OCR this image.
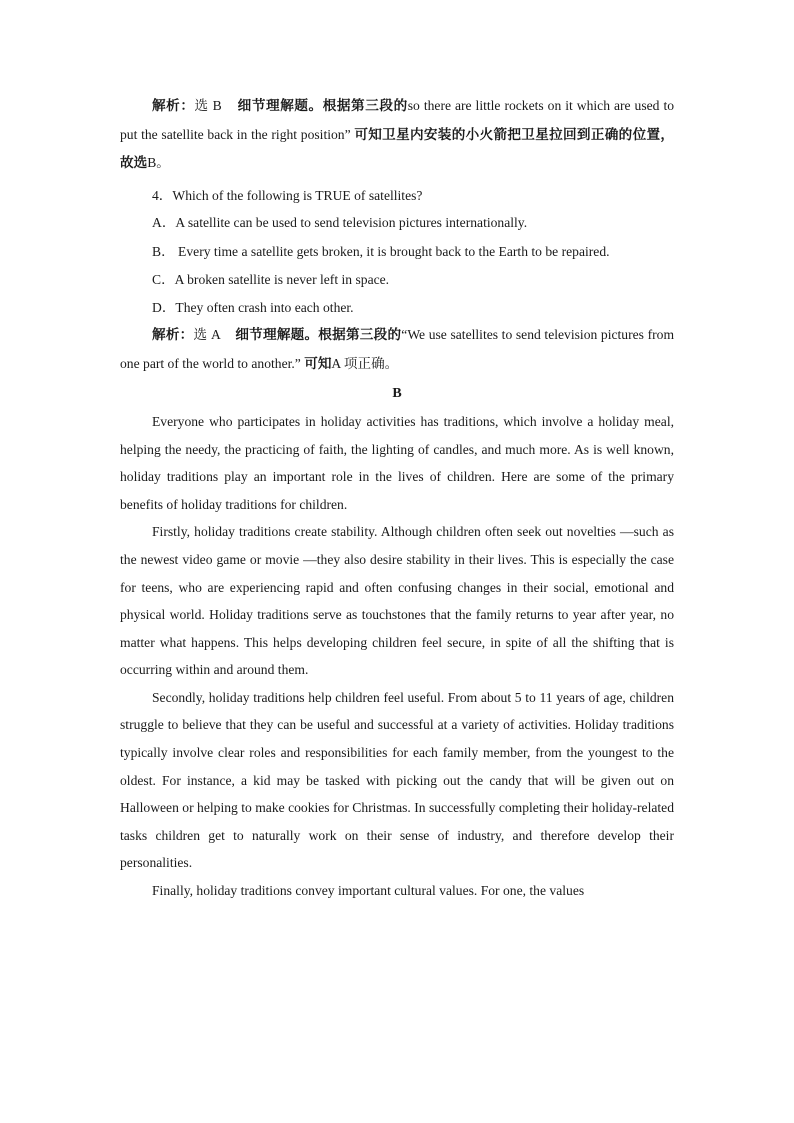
解析：选 B 细节理解题。根据第三段的so there are little rockets on it which are used to put the satellite back in the right position” 可知卫星内安装的小火箭把卫星拉回到正确的位置，故选B。

4．Which of the following is TRUE of satellites?

A．A satellite can be used to send television pictures internationally.

B． Every time a satellite gets broken, it is brought back to the Earth to be repaired.

C．A broken satellite is never left in space.

D．They often crash into each other.

解析：选 A 细节理解题。根据第三段的“We use satellites to send television pictures from one part of the world to another.” 可知A 项正确。

B

Everyone who participates in holiday activities has traditions, which involve a holiday meal, helping the needy, the practicing of faith, the lighting of candles, and much more. As is well known, holiday traditions play an important role in the lives of children. Here are some of the primary benefits of holiday traditions for children.

Firstly, holiday traditions create stability. Although children often seek out novelties —such as the newest video game or movie —they also desire stability in their lives. This is especially the case for teens, who are experiencing rapid and often confusing changes in their social, emotional and physical world. Holiday traditions serve as touchstones that the family returns to year after year, no matter what happens. This helps developing children feel secure, in spite of all the shifting that is occurring within and around them.

Secondly, holiday traditions help children feel useful. From about 5 to 11 years of age, children struggle to believe that they can be useful and successful at a variety of activities. Holiday traditions typically involve clear roles and responsibilities for each family member, from the youngest to the oldest. For instance, a kid may be tasked with picking out the candy that will be given out on Halloween or helping to make cookies for Christmas. In successfully completing their holiday-related tasks children get to naturally work on their sense of industry, and therefore develop their personalities.

Finally, holiday traditions convey important cultural values. For one, the values
